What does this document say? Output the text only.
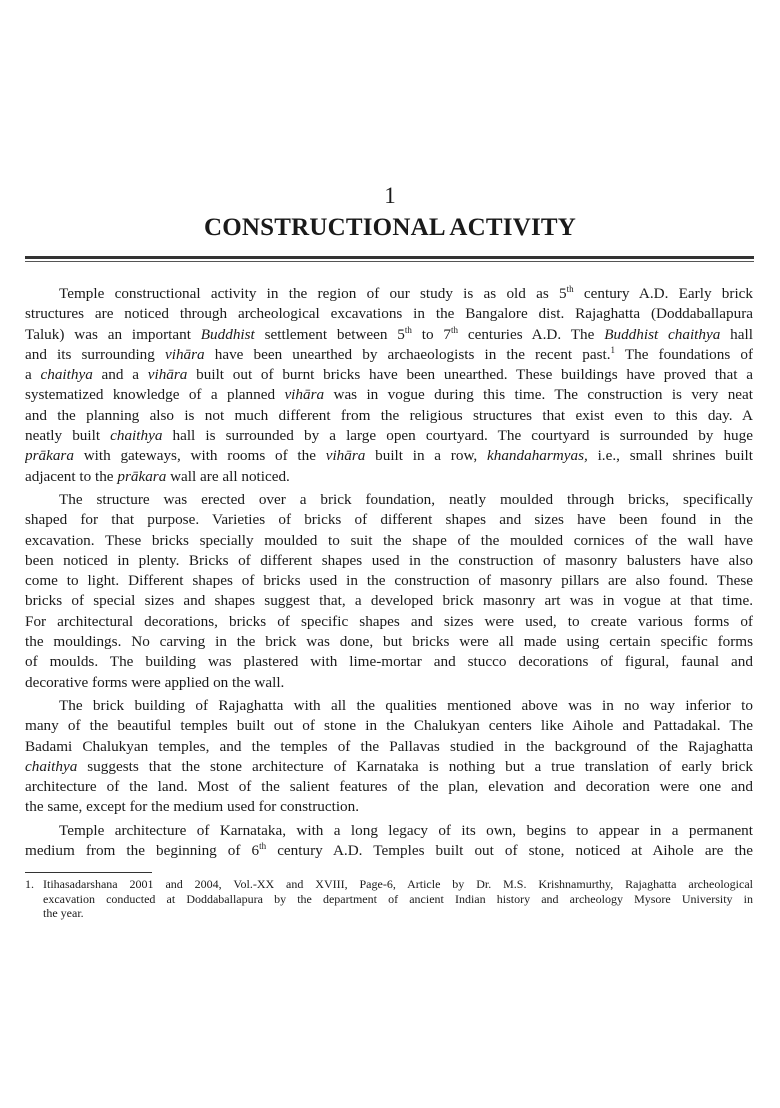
1
CONSTRUCTIONAL ACTIVITY
Temple constructional activity in the region of our study is as old as 5th century A.D. Early brick
structures are noticed through archeological excavations in the Bangalore dist. Rajaghatta (Doddaballapura
Taluk) was an important Buddhist settlement between 5th to 7th centuries A.D. The Buddhist chaithya hall
and its surrounding vihāra have been unearthed by archaeologists in the recent past.$^1$ The foundations of
a chaithya and a vihāra built out of burnt bricks have been unearthed. These buildings have proved that a
systematized knowledge of a planned vihāra was in vogue during this time. The construction is very neat
and the planning also is not much different from the religious structures that exist even to this day. A
neatly built chaithya hall is surrounded by a large open courtyard. The courtyard is surrounded by huge
prākara with gateways, with rooms of the vihāra built in a row, khandaharmyas, i.e., small shrines built
adjacent to the prākara wall are all noticed.
The structure was erected over a brick foundation, neatly moulded through bricks, specifically
shaped for that purpose. Varieties of bricks of different shapes and sizes have been found in the
excavation. These bricks specially moulded to suit the shape of the moulded cornices of the wall have
been noticed in plenty. Bricks of different shapes used in the construction of masonry balusters have also
come to light. Different shapes of bricks used in the construction of masonry pillars are also found. These
bricks of special sizes and shapes suggest that, a developed brick masonry art was in vogue at that time.
For architectural decorations, bricks of specific shapes and sizes were used, to create various forms of
the mouldings. No carving in the brick was done, but bricks were all made using certain specific forms
of moulds. The building was plastered with lime-mortar and stucco decorations of figural, faunal and
decorative forms were applied on the wall.
The brick building of Rajaghatta with all the qualities mentioned above was in no way inferior to
many of the beautiful temples built out of stone in the Chalukyan centers like Aihole and Pattadakal. The
Badami Chalukyan temples, and the temples of the Pallavas studied in the background of the Rajaghatta
chaithya suggests that the stone architecture of Karnataka is nothing but a true translation of early brick
architecture of the land. Most of the salient features of the plan, elevation and decoration were one and
the same, except for the medium used for construction.
Temple architecture of Karnataka, with a long legacy of its own, begins to appear in a permanent
medium from the beginning of 6th century A.D. Temples built out of stone, noticed at Aihole are the
1. Itihasadarshana 2001 and 2004, Vol.-XX and XVIII, Page-6, Article by Dr. M.S. Krishnamurthy, Rajaghatta archeological
excavation conducted at Doddaballapura by the department of ancient Indian history and archeology Mysore University in
the year.
